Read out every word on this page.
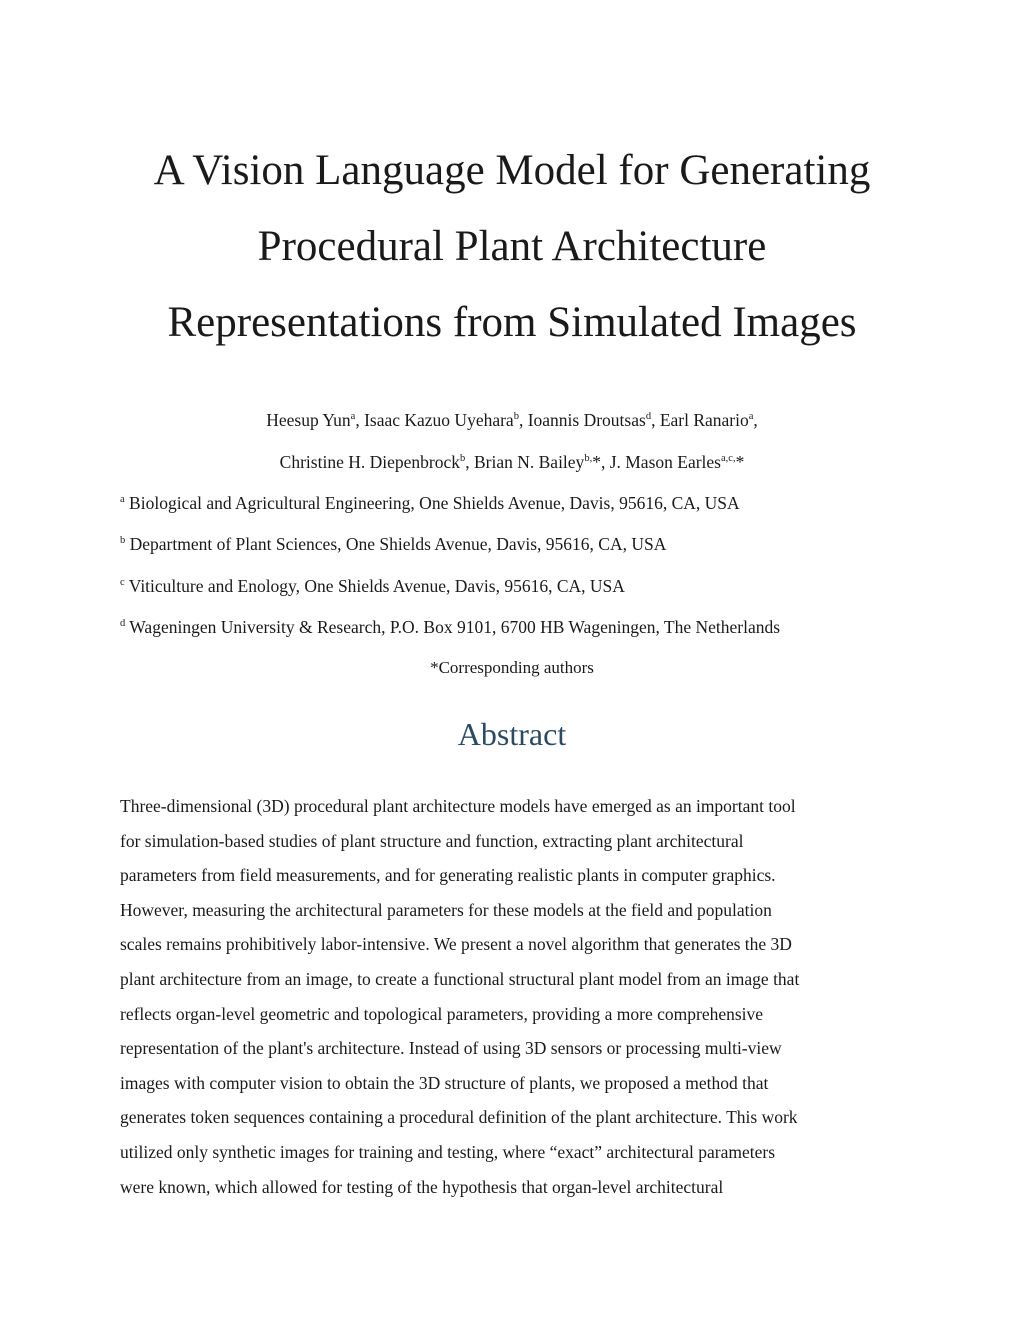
A Vision Language Model for Generating
Procedural Plant Architecture
Representations from Simulated Images
Heesup Yun$^a$, Isaac Kazuo Uyehara$^b$, Ioannis Droutsas$^d$, Earl Ranario$^a$,
Christine H. Diepenbrock$^b$, Brian N. Bailey$^{b,}$*, J. Mason Earles$^{a,c,}$*
$^a$ Biological and Agricultural Engineering, One Shields Avenue, Davis, 95616, CA, USA
$^b$ Department of Plant Sciences, One Shields Avenue, Davis, 95616, CA, USA
$^c$ Viticulture and Enology, One Shields Avenue, Davis, 95616, CA, USA
$^d$ Wageningen University & Research, P.O. Box 9101, 6700 HB Wageningen, The Netherlands
*Corresponding authors
Abstract
Three-dimensional (3D) procedural plant architecture models have emerged as an important tool
for simulation-based studies of plant structure and function, extracting plant architectural
parameters from field measurements, and for generating realistic plants in computer graphics.
However, measuring the architectural parameters for these models at the field and population
scales remains prohibitively labor-intensive. We present a novel algorithm that generates the 3D
plant architecture from an image, to create a functional structural plant model from an image that
reflects organ-level geometric and topological parameters, providing a more comprehensive
representation of the plant's architecture. Instead of using 3D sensors or processing multi-view
images with computer vision to obtain the 3D structure of plants, we proposed a method that
generates token sequences containing a procedural definition of the plant architecture. This work
utilized only synthetic images for training and testing, where “exact” architectural parameters
were known, which allowed for testing of the hypothesis that organ-level architectural
